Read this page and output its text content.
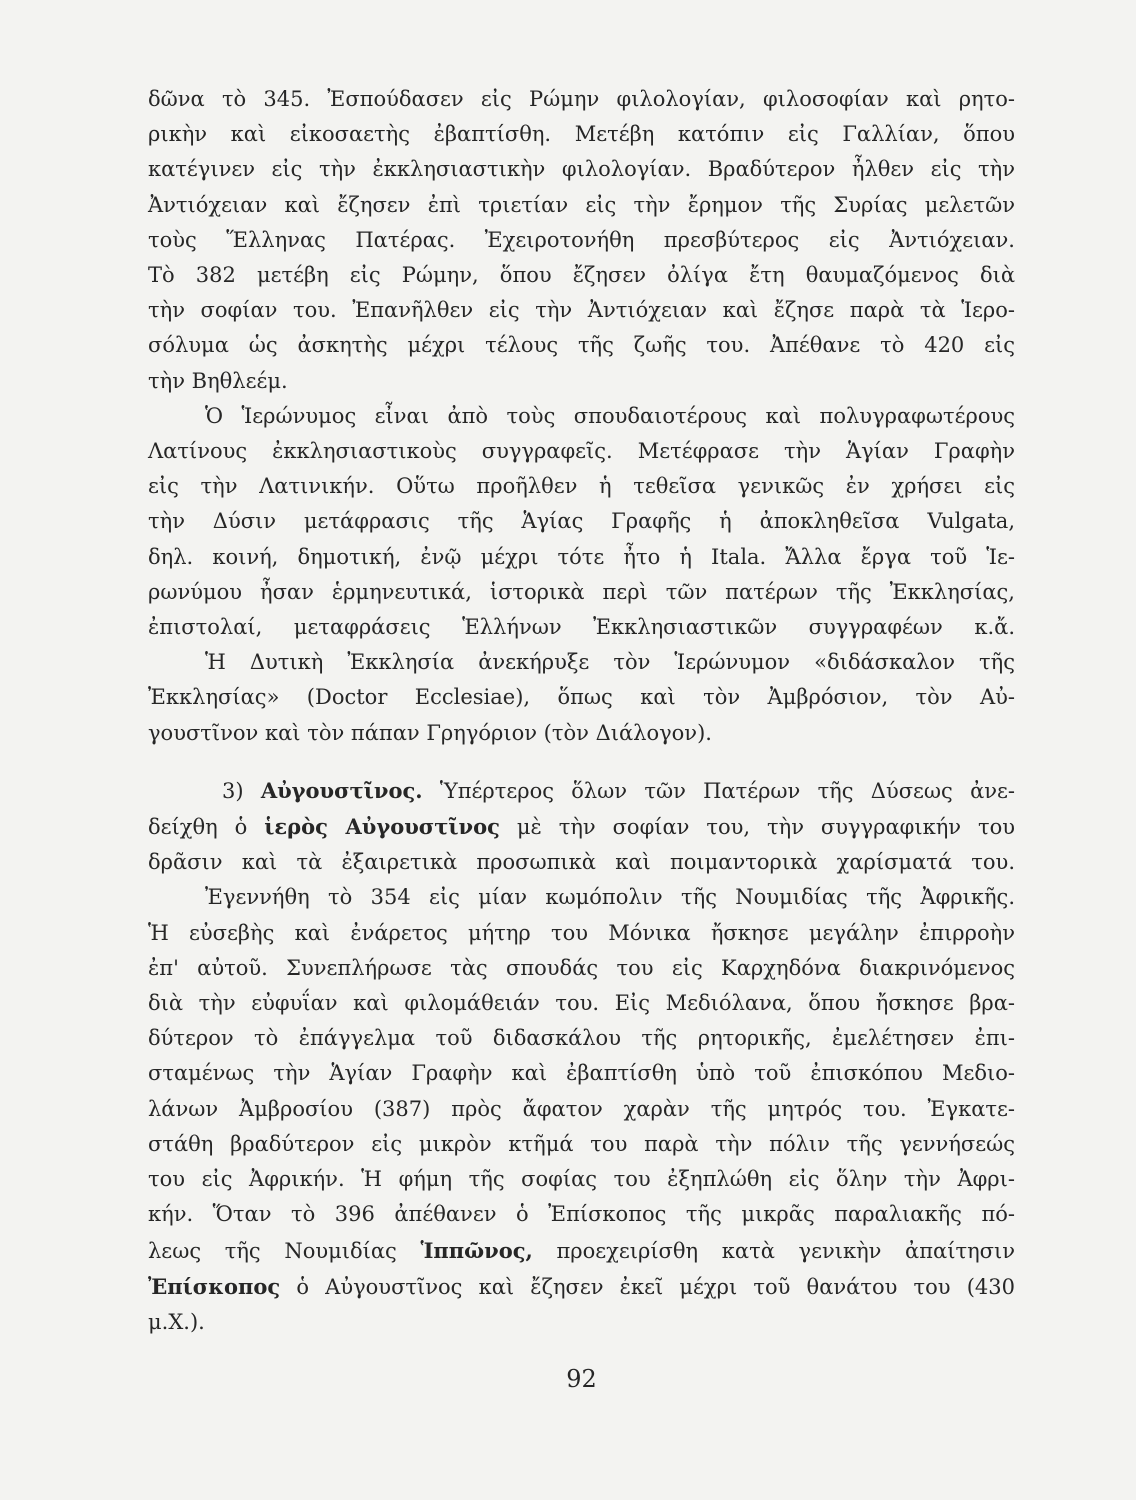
δῶνα τὸ 345. Ἐσπούδασεν εἰς Ρώμην φιλολογίαν, φιλοσοφίαν καὶ ρητο-
ρικὴν καὶ εἰκοσαετὴς ἐβαπτίσθη. Μετέβη κατόπιν εἰς Γαλλίαν, ὅπου
κατέγινεν εἰς τὴν ἐκκλησιαστικὴν φιλολογίαν. Βραδύτερον ἦλθεν εἰς τὴν
Ἀντιόχειαν καὶ ἔζησεν ἐπὶ τριετίαν εἰς τὴν ἔρημον τῆς Συρίας μελετῶν
τοὺς Ἕλληνας Πατέρας. Ἐχειροτονήθη πρεσβύτερος εἰς Ἀντιόχειαν.
Τὸ 382 μετέβη εἰς Ρώμην, ὅπου ἔζησεν ὀλίγα ἔτη θαυμαζόμενος διὰ
τὴν σοφίαν του. Ἐπανῆλθεν εἰς τὴν Ἀντιόχειαν καὶ ἔζησε παρὰ τὰ Ἱερο-
σόλυμα ὡς ἀσκητὴς μέχρι τέλους τῆς ζωῆς του. Ἀπέθανε τὸ 420 εἰς
τὴν Βηθλεέμ.
Ὁ Ἱερώνυμος εἶναι ἀπὸ τοὺς σπουδαιοτέρους καὶ πολυγραφωτέρους
Λατίνους ἐκκλησιαστικοὺς συγγραφεῖς. Μετέφρασε τὴν Ἁγίαν Γραφὴν
εἰς τὴν Λατινικήν. Οὕτω προῆλθεν ἡ τεθεῖσα γενικῶς ἐν χρήσει εἰς
τὴν Δύσιν μετάφρασις τῆς Ἁγίας Γραφῆς ἡ ἀποκληθεῖσα Vulgata,
δηλ. κοινή, δημοτική, ἐνῷ μέχρι τότε ἦτο ἡ Itala. Ἄλλα ἔργα τοῦ Ἱε-
ρωνύμου ἦσαν ἑρμηνευτικά, ἱστορικὰ περὶ τῶν πατέρων τῆς Ἐκκλησίας,
ἐπιστολαί, μεταφράσεις Ἑλλήνων Ἐκκλησιαστικῶν συγγραφέων κ.ἄ.
Ἡ Δυτικὴ Ἐκκλησία ἀνεκήρυξε τὸν Ἱερώνυμον «διδάσκαλον τῆς
Ἐκκλησίας» (Doctor Ecclesiae), ὅπως καὶ τὸν Ἀμβρόσιον, τὸν Αὐ-
γουστῖνον καὶ τὸν πάπαν Γρηγόριον (τὸν Διάλογον).
3) Αὐγουστῖνος. Ὑπέρτερος ὅλων τῶν Πατέρων τῆς Δύσεως ἀνε-
δείχθη ὁ ἱερὸς Αὐγουστῖνος μὲ τὴν σοφίαν του, τὴν συγγραφικήν του
δρᾶσιν καὶ τὰ ἐξαιρετικὰ προσωπικὰ καὶ ποιμαντορικὰ χαρίσματά του.
Ἐγεννήθη τὸ 354 εἰς μίαν κωμόπολιν τῆς Νουμιδίας τῆς Ἀφρικῆς.
Ἡ εὐσεβὴς καὶ ἐνάρετος μήτηρ του Μόνικα ἤσκησε μεγάλην ἐπιρροὴν
ἐπ' αὐτοῦ. Συνεπλήρωσε τὰς σπουδάς του εἰς Καρχηδόνα διακρινόμενος
διὰ τὴν εὐφυΐαν καὶ φιλομάθειάν του. Εἰς Μεδιόλανα, ὅπου ἤσκησε βρα-
δύτερον τὸ ἐπάγγελμα τοῦ διδασκάλου τῆς ρητορικῆς, ἐμελέτησεν ἐπι-
σταμένως τὴν Ἁγίαν Γραφὴν καὶ ἐβαπτίσθη ὑπὸ τοῦ ἐπισκόπου Μεδιο-
λάνων Ἀμβροσίου (387) πρὸς ἄφατον χαρὰν τῆς μητρός του. Ἐγκατε-
στάθη βραδύτερον εἰς μικρὸν κτῆμά του παρὰ τὴν πόλιν τῆς γεννήσεώς
του εἰς Ἀφρικήν. Ἡ φήμη τῆς σοφίας του ἐξηπλώθη εἰς ὅλην τὴν Ἀφρι-
κήν. Ὅταν τὸ 396 ἀπέθανεν ὁ Ἐπίσκοπος τῆς μικρᾶς παραλιακῆς πό-
λεως τῆς Νουμιδίας Ἱππῶνος, προεχειρίσθη κατὰ γενικὴν ἀπαίτησιν
Ἐπίσκοπος ὁ Αὐγουστῖνος καὶ ἔζησεν ἐκεῖ μέχρι τοῦ θανάτου του (430
μ.Χ.).
92
